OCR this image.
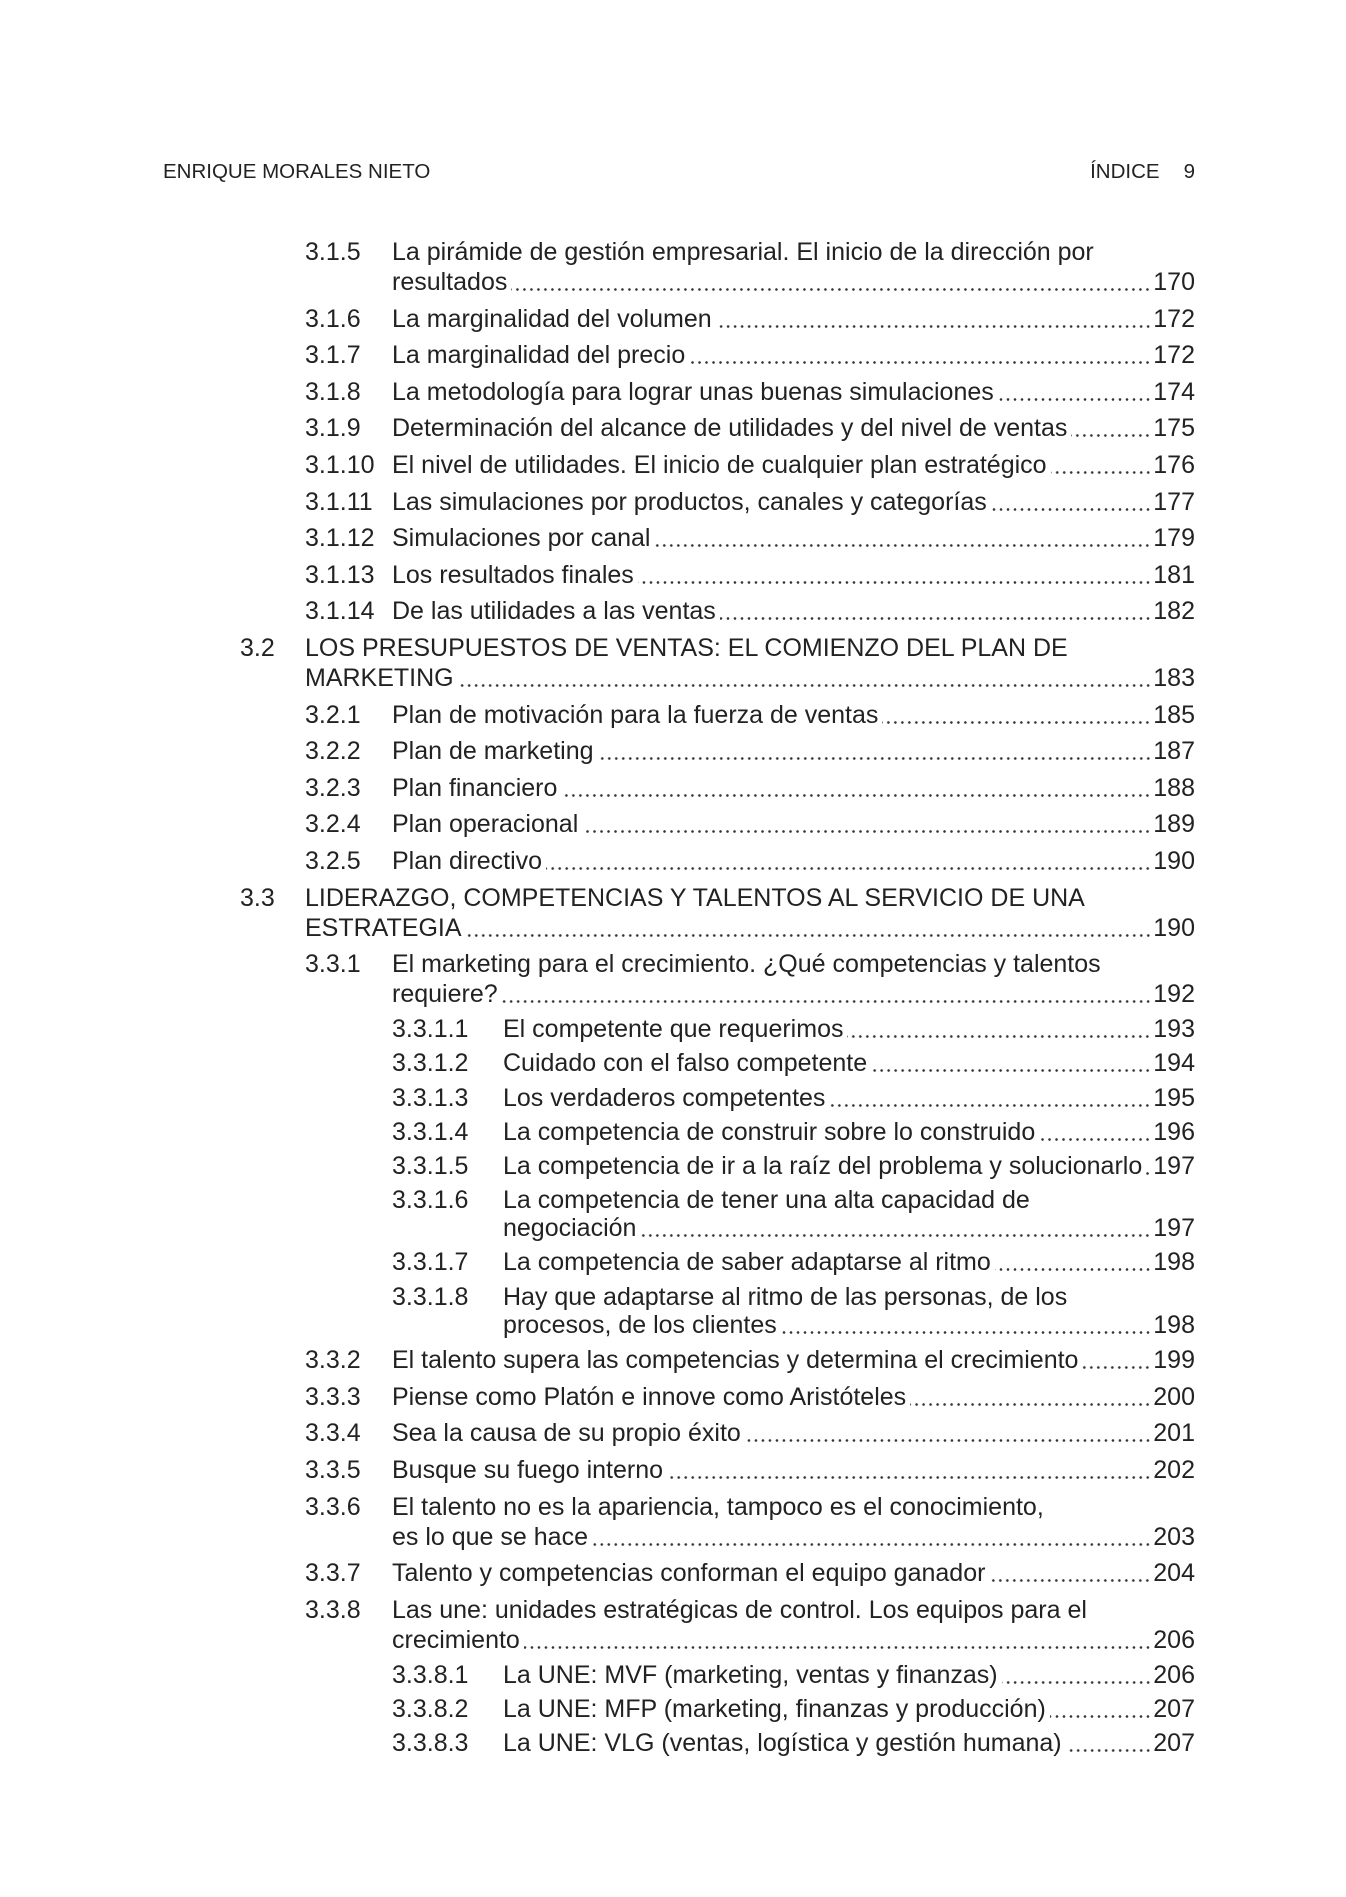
ENRIQUE MORALES NIETO	ÍNDICE 9
3.1.5 La pirámide de gestión empresarial. El inicio de la dirección por
resultados	170
3.1.6 La marginalidad del volumen	172
3.1.7 La marginalidad del precio	172
3.1.8 La metodología para lograr unas buenas simulaciones	174
3.1.9 Determinación del alcance de utilidades y del nivel de ventas	175
3.1.10 El nivel de utilidades. El inicio de cualquier plan estratégico	176
3.1.11 Las simulaciones por productos, canales y categorías	177
3.1.12 Simulaciones por canal	179
3.1.13 Los resultados finales	181
3.1.14 De las utilidades a las ventas	182
3.2 LOS PRESUPUESTOS DE VENTAS: EL COMIENZO DEL PLAN DE
MARKETING	183
3.2.1 Plan de motivación para la fuerza de ventas	185
3.2.2 Plan de marketing	187
3.2.3 Plan financiero	188
3.2.4 Plan operacional	189
3.2.5 Plan directivo	190
3.3 LIDERAZGO, COMPETENCIAS Y TALENTOS AL SERVICIO DE UNA
ESTRATEGIA	190
3.3.1 El marketing para el crecimiento. ¿Qué competencias y talentos
requiere?	192
3.3.1.1 El competente que requerimos	193
3.3.1.2 Cuidado con el falso competente	194
3.3.1.3 Los verdaderos competentes	195
3.3.1.4 La competencia de construir sobre lo construido	196
3.3.1.5 La competencia de ir a la raíz del problema y solucionarlo 197
3.3.1.6 La competencia de tener una alta capacidad de
negociación	197
3.3.1.7 La competencia de saber adaptarse al ritmo	198
3.3.1.8 Hay que adaptarse al ritmo de las personas, de los
procesos, de los clientes	198
3.3.2 El talento supera las competencias y determina el crecimiento	199
3.3.3 Piense como Platón e innove como Aristóteles	200
3.3.4 Sea la causa de su propio éxito	201
3.3.5 Busque su fuego interno	202
3.3.6 El talento no es la apariencia, tampoco es el conocimiento,
es lo que se hace	203
3.3.7 Talento y competencias conforman el equipo ganador	204
3.3.8 Las une: unidades estratégicas de control. Los equipos para el
crecimiento	206
3.3.8.1 La UNE: MVF (marketing, ventas y finanzas)	206
3.3.8.2 La UNE: MFP (marketing, finanzas y producción)	207
3.3.8.3 La UNE: VLG (ventas, logística y gestión humana)	207
